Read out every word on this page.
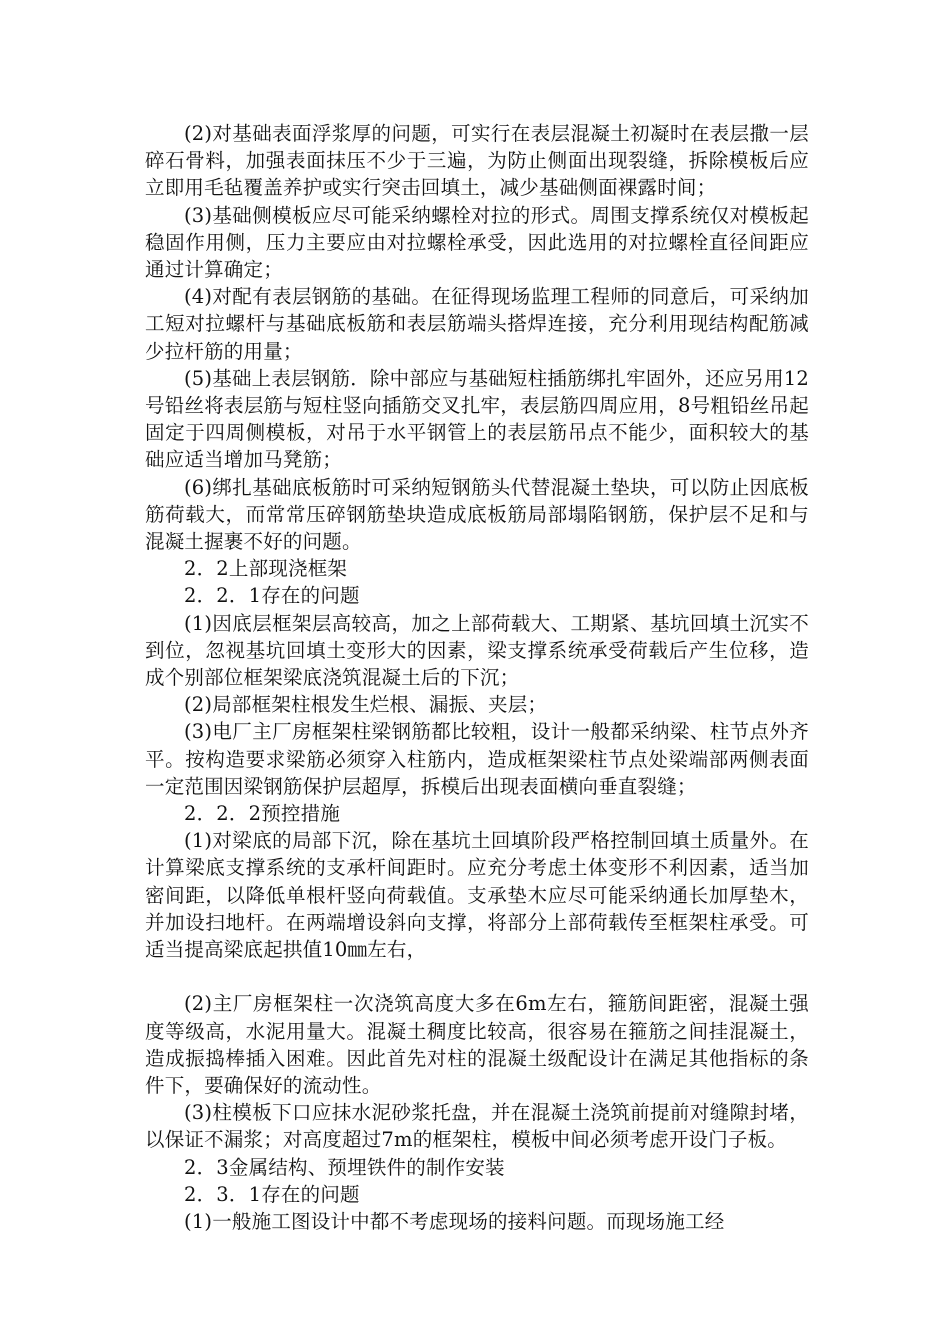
(2)对基础表面浮浆厚的问题，可实行在表层混凝土初凝时在表层撒一层碎石骨料，加强表面抹压不少于三遍，为防止侧面出现裂缝，拆除模板后应立即用毛毡覆盖养护或实行突击回填土，减少基础侧面裸露时间；

(3)基础侧模板应尽可能采纳螺栓对拉的形式。周围支撑系统仅对模板起稳固作用侧，压力主要应由对拉螺栓承受，因此选用的对拉螺栓直径间距应通过计算确定；

(4)对配有表层钢筋的基础。在征得现场监理工程师的同意后，可采纳加工短对拉螺杆与基础底板筋和表层筋端头搭焊连接，充分利用现结构配筋减少拉杆筋的用量；

(5)基础上表层钢筋．除中部应与基础短柱插筋绑扎牢固外，还应另用12号铅丝将表层筋与短柱竖向插筋交叉扎牢，表层筋四周应用，8号粗铅丝吊起固定于四周侧模板，对吊于水平钢管上的表层筋吊点不能少，面积较大的基础应适当增加马凳筋；

(6)绑扎基础底板筋时可采纳短钢筋头代替混凝土垫块，可以防止因底板筋荷载大，而常常压碎钢筋垫块造成底板筋局部塌陷钢筋，保护层不足和与混凝土握裹不好的问题。

2．2上部现浇框架

2．2．1存在的问题

(1)因底层框架层高较高，加之上部荷载大、工期紧、基坑回填土沉实不到位，忽视基坑回填土变形大的因素，梁支撑系统承受荷载后产生位移，造成个别部位框架梁底浇筑混凝土后的下沉；

(2)局部框架柱根发生烂根、漏振、夹层；

(3)电厂主厂房框架柱梁钢筋都比较粗，设计一般都采纳梁、柱节点外齐平。按构造要求梁筋必须穿入柱筋内，造成框架梁柱节点处梁端部两侧表面一定范围因梁钢筋保护层超厚，拆模后出现表面横向垂直裂缝；

2．2．2预控措施

(1)对梁底的局部下沉，除在基坑土回填阶段严格控制回填土质量外。在计算梁底支撑系统的支承杆间距时。应充分考虑土体变形不利因素，适当加密间距，以降低单根杆竖向荷载值。支承垫木应尽可能采纳通长加厚垫木，并加设扫地杆。在两端增设斜向支撑，将部分上部荷载传至框架柱承受。可适当提高梁底起拱值10㎜左右，

(2)主厂房框架柱一次浇筑高度大多在6m左右，箍筋间距密，混凝土强度等级高，水泥用量大。混凝土稠度比较高，很容易在箍筋之间挂混凝土，造成振捣棒插入困难。因此首先对柱的混凝土级配设计在满足其他指标的条件下，要确保好的流动性。

(3)柱模板下口应抹水泥砂浆托盘，并在混凝土浇筑前提前对缝隙封堵，以保证不漏浆；对高度超过7m的框架柱，模板中间必须考虑开设门子板。

2．3金属结构、预埋铁件的制作安装

2．3．1存在的问题

(1)一般施工图设计中都不考虑现场的接料问题。而现场施工经
